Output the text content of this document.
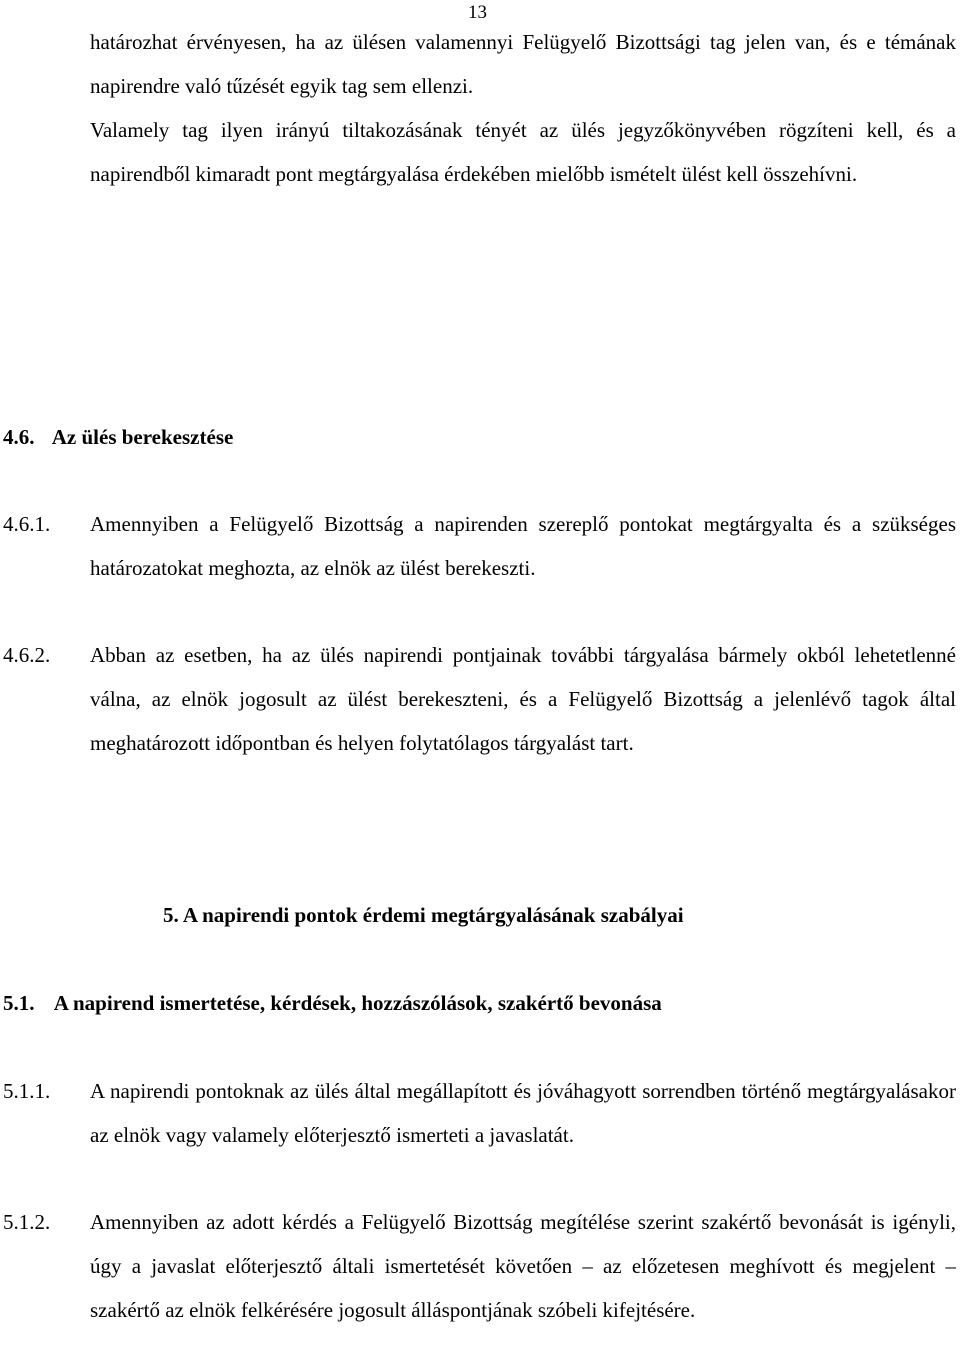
13

határozhat érvényesen, ha az ülésen valamennyi Felügyelő Bizottsági tag jelen van, és e témának napirendre való tűzését egyik tag sem ellenzi.

Valamely tag ilyen irányú tiltakozásának tényét az ülés jegyzőkönyvében rögzíteni kell, és a napirendből kimaradt pont megtárgyalása érdekében mielőbb ismételt ülést kell összehívni.

4.6. Az ülés berekesztése
4.6.1. Amennyiben a Felügyelő Bizottság a napirenden szereplő pontokat megtárgyalta és a szükséges határozatokat meghozta, az elnök az ülést berekeszti.
4.6.2. Abban az esetben, ha az ülés napirendi pontjainak további tárgyalása bármely okból lehetetlenné válna, az elnök jogosult az ülést berekeszteni, és a Felügyelő Bizottság a jelenlévő tagok által meghatározott időpontban és helyen folytatólagos tárgyalást tart.
5. A napirendi pontok érdemi megtárgyalásának szabályai
5.1. A napirend ismertetése, kérdések, hozzászólások, szakértő bevonása
5.1.1. A napirendi pontoknak az ülés által megállapított és jóváhagyott sorrendben történő megtárgyalásakor az elnök vagy valamely előterjesztő ismerteti a javaslatát.
5.1.2. Amennyiben az adott kérdés a Felügyelő Bizottság megítélése szerint szakértő bevonását is igényli, úgy a javaslat előterjesztő általi ismertetését követően – az előzetesen meghívott és megjelent – szakértő az elnök felkérésére jogosult álláspontjának szóbeli kifejtésére.
